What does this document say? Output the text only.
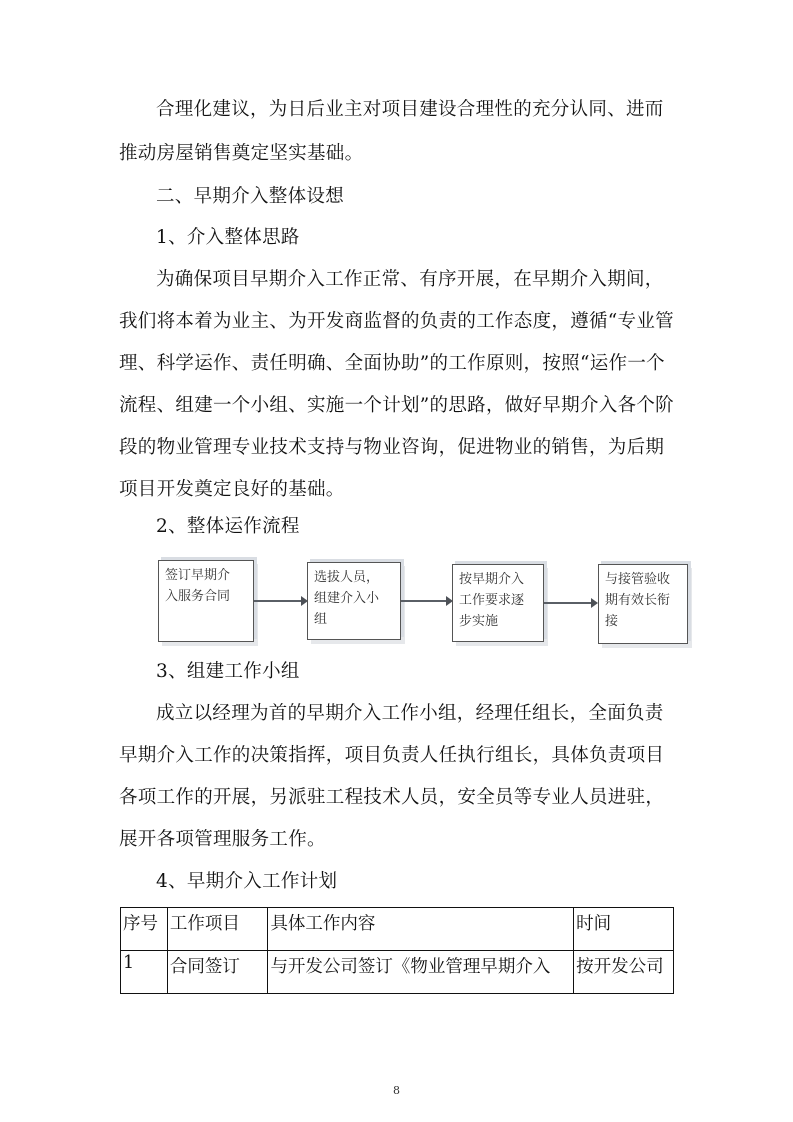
合理化建议，为日后业主对项目建设合理性的充分认同、进而
推动房屋销售奠定坚实基础。
二、早期介入整体设想
1、介入整体思路
为确保项目早期介入工作正常、有序开展，在早期介入期间，
我们将本着为业主、为开发商监督的负责的工作态度，遵循“专业管
理、科学运作、责任明确、全面协助”的工作原则，按照“运作一个
流程、组建一个小组、实施一个计划”的思路，做好早期介入各个阶
段的物业管理专业技术支持与物业咨询，促进物业的销售，为后期
项目开发奠定良好的基础。
2、整体运作流程
签订早期介
入服务合同
选拔人员，
组建介入小
组
按早期介入
工作要求逐
步实施
与接管验收
期有效长衔
接
3、组建工作小组
成立以经理为首的早期介入工作小组，经理任组长，全面负责
早期介入工作的决策指挥，项目负责人任执行组长，具体负责项目
各项工作的开展，另派驻工程技术人员，安全员等专业人员进驻，
展开各项管理服务工作。
4、早期介入工作计划
序号	工作项目	具体工作内容	时间
1	合同签订	与开发公司签订《物业管理早期介入	按开发公司
8
